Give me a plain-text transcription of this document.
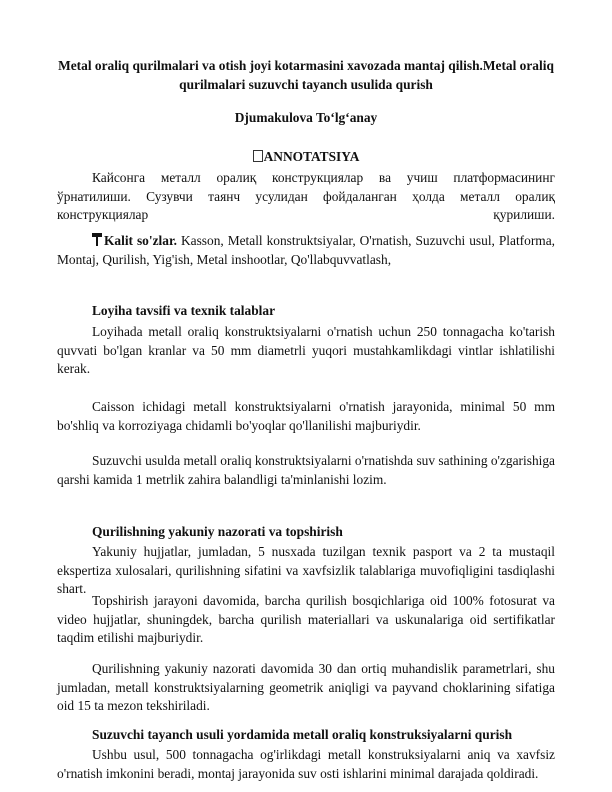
Metal oraliq qurilmalari va otish joyi kotarmasini xavozada mantaj qilish.Metal oraliq qurilmalari suzuvchi tayanch usulida qurish
Djumakulova To‘lg‘anay
ANNOTATSIYA

Кайсонга металл оралиқ конструкциялар ва учиш платформасининг ўрнатилиши. Сузувчи таянч усулидан фойдаланган ҳолда металл оралиқ конструкциялар қурилиши.

Kalit so'zlar. Kasson, Metall konstruktsiyalar, O'rnatish, Suzuvchi usul, Platforma, Montaj, Qurilish, Yig'ish, Metal inshootlar, Qo'llabquvvatlash,

Loyiha tavsifi va texnik talablar

Loyihada metall oraliq konstruktsiyalarni o'rnatish uchun 250 tonnagacha ko'tarish quvvati bo'lgan kranlar va 50 mm diametrli yuqori mustahkamlikdagi vintlar ishlatilishi kerak.

Caisson ichidagi metall konstruktsiyalarni o'rnatish jarayonida, minimal 50 mm bo'shliq va korroziyaga chidamli bo'yoqlar qo'llanilishi majburiydir.

Suzuvchi usulda metall oraliq konstruktsiyalarni o'rnatishda suv sathining o'zgarishiga qarshi kamida 1 metrlik zahira balandligi ta'minlanishi lozim.

Qurilishning yakuniy nazorati va topshirish

Yakuniy hujjatlar, jumladan, 5 nusxada tuzilgan texnik pasport va 2 ta mustaqil ekspertiza xulosalari, qurilishning sifatini va xavfsizlik talablariga muvofiqligini tasdiqlashi shart.

Topshirish jarayoni davomida, barcha qurilish bosqichlariga oid 100% fotosurat va video hujjatlar, shuningdek, barcha qurilish materiallari va uskunalariga oid sertifikatlar taqdim etilishi majburiydir.

Qurilishning yakuniy nazorati davomida 30 dan ortiq muhandislik parametrlari, shu jumladan, metall konstruktsiyalarning geometrik aniqligi va payvand choklarining sifatiga oid 15 ta mezon tekshiriladi.

Suzuvchi tayanch usuli yordamida metall oraliq konstruksiyalarni qurish

Ushbu usul, 500 tonnagacha og'irlikdagi metall konstruksiyalarni aniq va xavfsiz o'rnatish imkonini beradi, montaj jarayonida suv osti ishlarini minimal darajada qoldiradi.
